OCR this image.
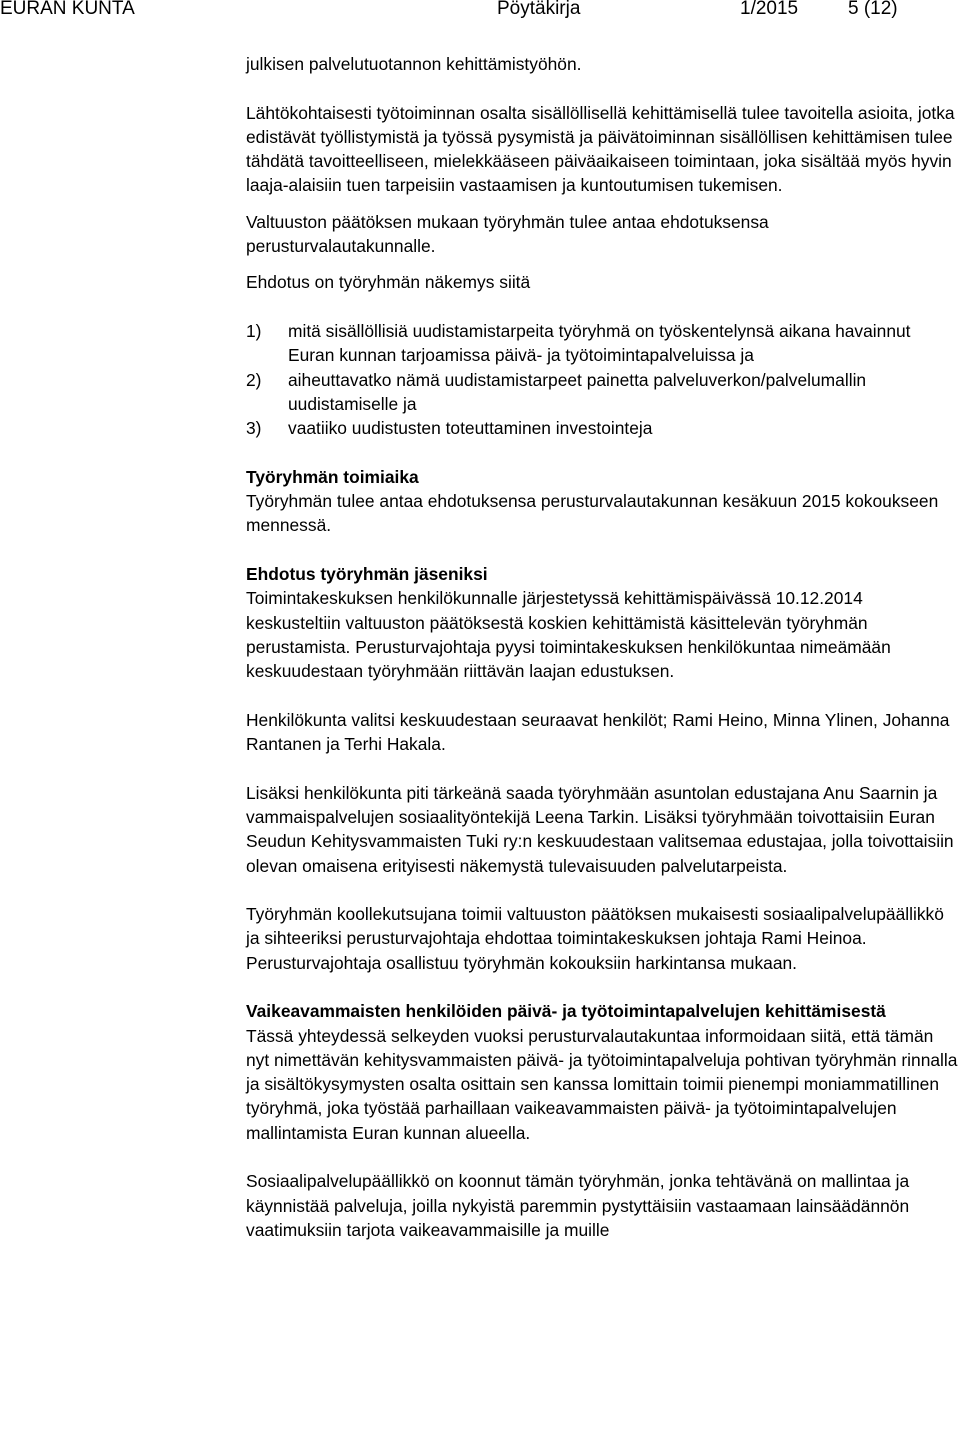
EURAN KUNTA	Pöytäkirja	1/2015	5 (12)

julkisen palvelutuotannon kehittämistyöhön.

Lähtökohtaisesti työtoiminnan osalta sisällöllisellä kehittämisellä tulee tavoitella asioita, jotka edistävät työllistymistä ja työssä pysymistä ja päivätoiminnan sisällöllisen kehittämisen tulee tähdätä tavoitteelliseen, mielekkääseen päiväaikaiseen toimintaan, joka sisältää myös hyvin laaja-alaisiin tuen tarpeisiin vastaamisen ja kuntoutumisen tukemisen.

Valtuuston päätöksen mukaan työryhmän tulee antaa ehdotuksensa perusturvalautakunnalle.

Ehdotus on työryhmän näkemys siitä

1) mitä sisällöllisiä uudistamistarpeita työryhmä on työskentelynsä aikana havainnut Euran kunnan tarjoamissa päivä- ja työtoimintapalveluissa ja
2) aiheuttavatko nämä uudistamistarpeet painetta palveluverkon/palvelumallin uudistamiselle ja
3) vaatiiko uudistusten toteuttaminen investointeja

Työryhmän toimiaika

Työryhmän tulee antaa ehdotuksensa perusturvalautakunnan kesäkuun 2015 kokoukseen mennessä.

Ehdotus työryhmän jäseniksi

Toimintakeskuksen henkilökunnalle järjestetyssä kehittämispäivässä 10.12.2014 keskusteltiin valtuuston päätöksestä koskien kehittämistä käsittelevän työryhmän perustamista. Perusturvajohtaja pyysi toimintakeskuksen henkilökuntaa nimeämään keskuudestaan työryhmään riittävän laajan edustuksen.

Henkilökunta valitsi keskuudestaan seuraavat henkilöt; Rami Heino, Minna Ylinen, Johanna Rantanen ja Terhi Hakala.

Lisäksi henkilökunta piti tärkeänä saada työryhmään asuntolan edustajana Anu Saarnin ja vammaispalvelujen sosiaalityöntekijä Leena Tarkin. Lisäksi työryhmään toivottaisiin Euran Seudun Kehitysvammaisten Tuki ry:n keskuudestaan valitsemaa edustajaa, jolla toivottaisiin olevan omaisena erityisesti näkemystä tulevaisuuden palvelutarpeista.

Työryhmän koollekutsujana toimii valtuuston päätöksen mukaisesti sosiaalipalvelupäällikkö ja sihteeriksi perusturvajohtaja ehdottaa toimintakeskuksen johtaja Rami Heinoa. Perusturvajohtaja osallistuu työryhmän kokouksiin harkintansa mukaan.

Vaikeavammaisten henkilöiden päivä- ja työtoimintapalvelujen kehittämisestä

Tässä yhteydessä selkeyden vuoksi perusturvalautakuntaa informoidaan siitä, että tämän nyt nimettävän kehitysvammaisten päivä- ja työtoimintapalveluja pohtivan työryhmän rinnalla ja sisältökysymysten osalta osittain sen kanssa lomittain toimii pienempi moniammatillinen työryhmä, joka työstää parhaillaan vaikeavammaisten päivä- ja työtoimintapalvelujen mallintamista Euran kunnan alueella.

Sosiaalipalvelupäällikkö on koonnut tämän työryhmän, jonka tehtävänä on mallintaa ja käynnistää palveluja, joilla nykyistä paremmin pystyttäisiin vastaamaan lainsäädännön vaatimuksiin tarjota vaikeavammaisille ja muille
